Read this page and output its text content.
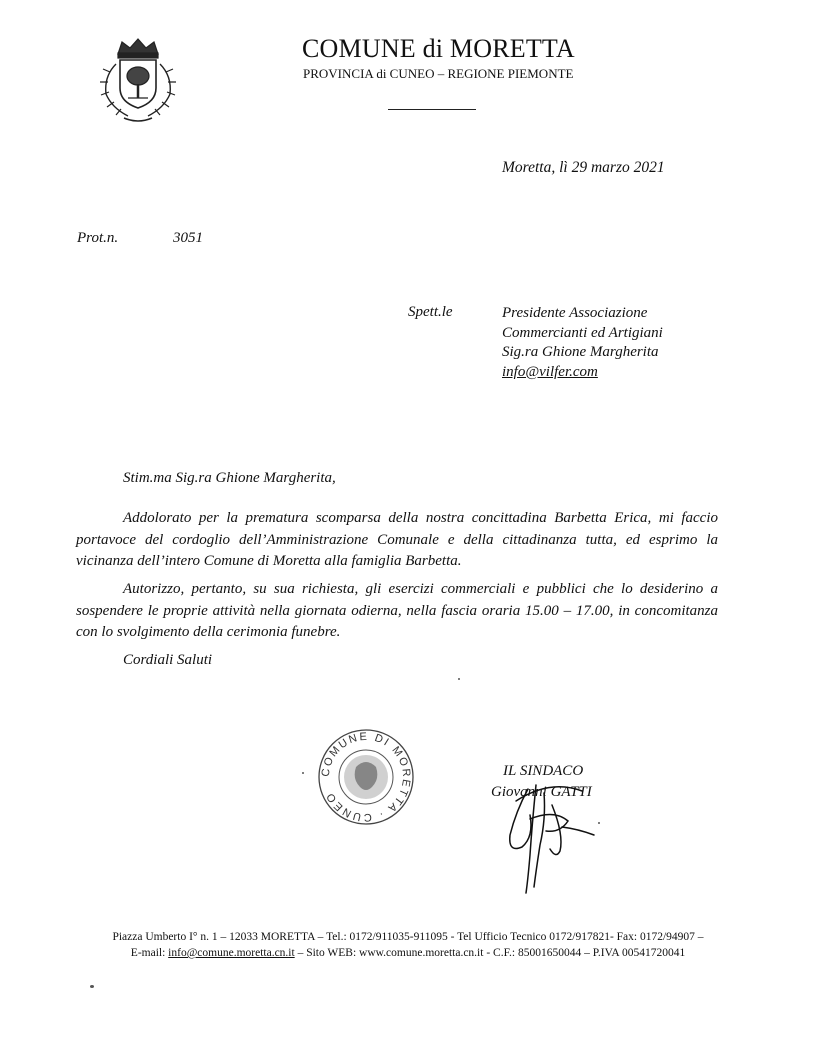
COMUNE di MORETTA
PROVINCIA di CUNEO – REGIONE PIEMONTE
Moretta, lì 29 marzo 2021
Prot.n.	3051
Spett.le	Presidente Associazione
Commercianti ed Artigiani
Sig.ra Ghione Margherita
info@vilfer.com
Stim.ma Sig.ra Ghione Margherita,

Addolorato per la prematura scomparsa della nostra concittadina Barbetta Erica, mi faccio portavoce del cordoglio dell’Amministrazione Comunale e della cittadinanza tutta, ed esprimo la vicinanza dell’intero Comune di Moretta alla famiglia Barbetta.

Autorizzo, pertanto, su sua richiesta, gli esercizi commerciali e pubblici che lo desiderino a sospendere le proprie attività nella giornata odierna, nella fascia oraria 15.00 – 17.00, in concomitanza con lo svolgimento della cerimonia funebre.

Cordiali Saluti
COMUNE DI MORETTA · CUNEO
IL SINDACO
Giovanni GATTI
Piazza Umberto I° n. 1 – 12033 MORETTA – Tel.: 0172/911035-911095 - Tel Ufficio Tecnico 0172/917821- Fax: 0172/94907 –
E-mail: info@comune.moretta.cn.it – Sito WEB: www.comune.moretta.cn.it - C.F.: 85001650044 – P.IVA 00541720041
